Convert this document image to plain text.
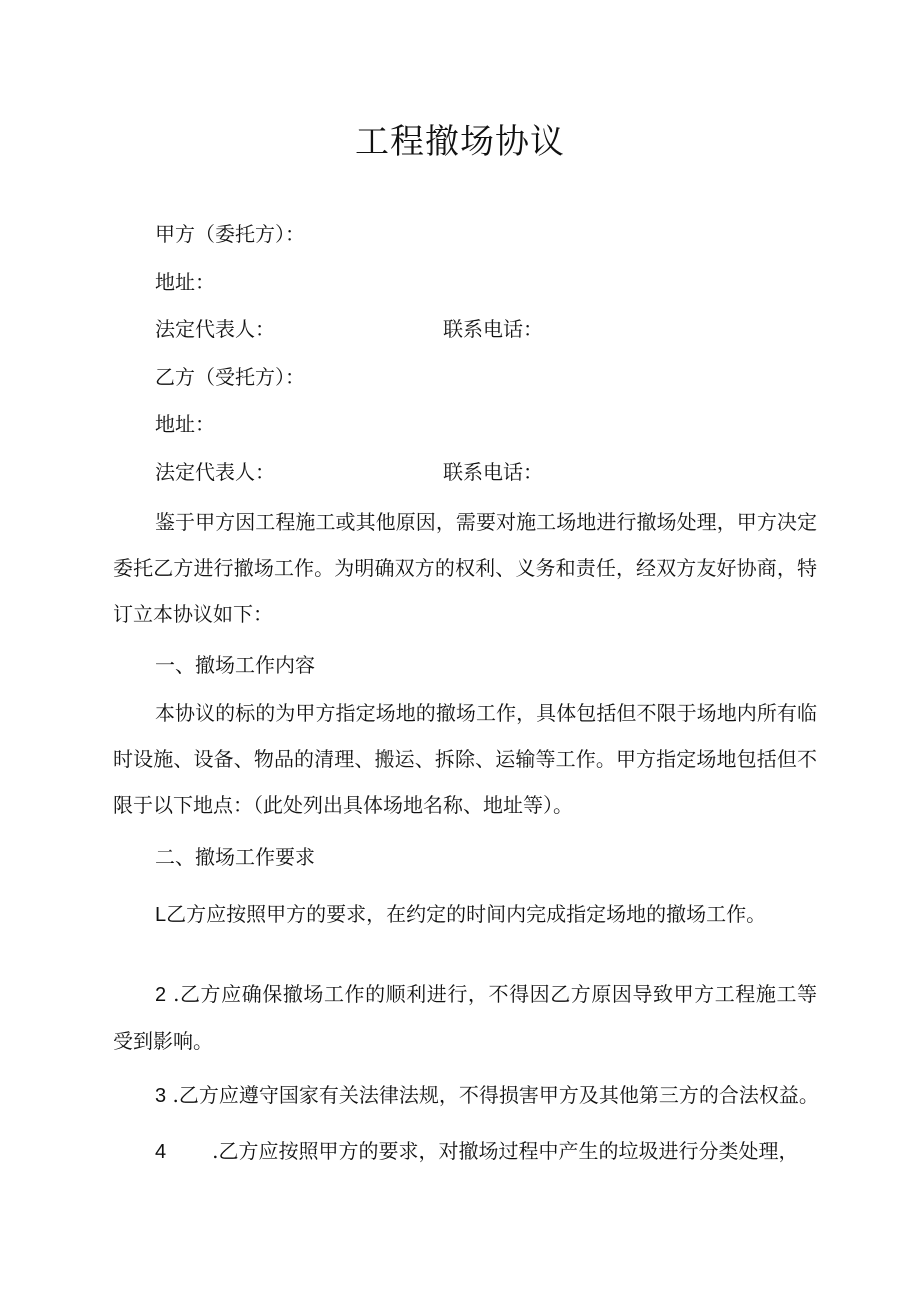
工程撤场协议
甲方（委托方）：
地址：
法定代表人：	联系电话：
乙方（受托方）：
地址：
法定代表人：	联系电话：
鉴于甲方因工程施工或其他原因，需要对施工场地进行撤场处理，甲方决定委托乙方进行撤场工作。为明确双方的权利、义务和责任，经双方友好协商，特订立本协议如下：
一、撤场工作内容
本协议的标的为甲方指定场地的撤场工作，具体包括但不限于场地内所有临时设施、设备、物品的清理、搬运、拆除、运输等工作。甲方指定场地包括但不限于以下地点：（此处列出具体场地名称、地址等）。
二、撤场工作要求
L乙方应按照甲方的要求，在约定的时间内完成指定场地的撤场工作。
2 .乙方应确保撤场工作的顺利进行，不得因乙方原因导致甲方工程施工等受到影响。
3 .乙方应遵守国家有关法律法规，不得损害甲方及其他第三方的合法权益。
4 .乙方应按照甲方的要求，对撤场过程中产生的垃圾进行分类处理，
